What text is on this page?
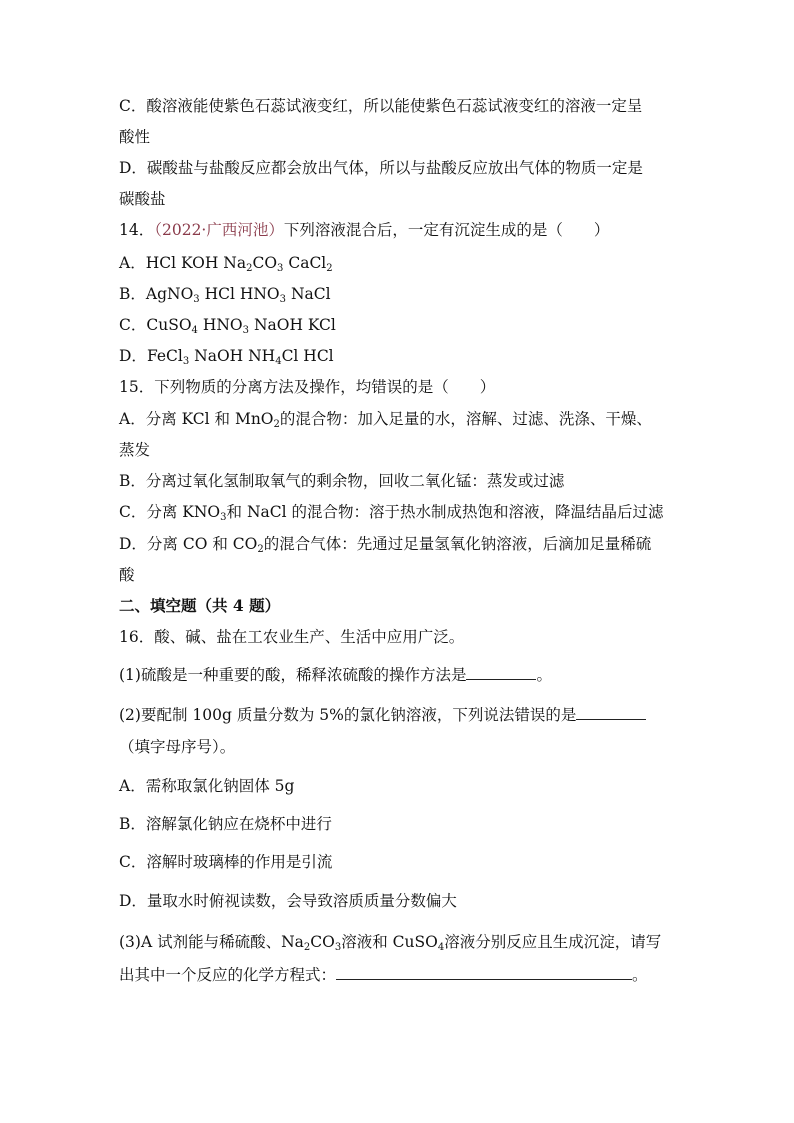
C．酸溶液能使紫色石蕊试液变红，所以能使紫色石蕊试液变红的溶液一定呈
酸性
D．碳酸盐与盐酸反应都会放出气体，所以与盐酸反应放出气体的物质一定是
碳酸盐
14．（2022·广西河池）下列溶液混合后，一定有沉淀生成的是（　　）
A．HCl KOH $Na_2CO_3$ CaCl$_2$
B．AgNO$_3$ HCl $HNO_3$ NaCl
C．CuSO$_4$ $HNO_3$ NaOH KCl
D．FeCl$_3$ NaOH $NH_4Cl$ HCl
15．下列物质的分离方法及操作，均错误的是（　　）
A．分离 KCl 和 MnO$_2$的混合物：加入足量的水，溶解、过滤、洗涤、干燥、
蒸发
B．分离过氧化氢制取氧气的剩余物，回收二氧化锰：蒸发或过滤
C．分离 $KNO_3$和 NaCl 的混合物：溶于热水制成热饱和溶液，降温结晶后过滤
D．分离 CO 和 $CO_2$的混合气体：先通过足量氢氧化钠溶液，后滴加足量稀硫
酸
二、填空题（共 4 题）
16．酸、碱、盐在工农业生产、生活中应用广泛。
(1)硫酸是一种重要的酸，稀释浓硫酸的操作方法是	。
(2)要配制 100g 质量分数为 5%的氯化钠溶液，下列说法错误的是
（填字母序号）。
A．需称取氯化钠固体 5g
B．溶解氯化钠应在烧杯中进行
C．溶解时玻璃棒的作用是引流
D．量取水时俯视读数，会导致溶质质量分数偏大
(3)A 试剂能与稀硫酸、$Na_2CO_3$溶液和 CuSO$_4$溶液分别反应且生成沉淀，请写
出其中一个反应的化学方程式：	。
